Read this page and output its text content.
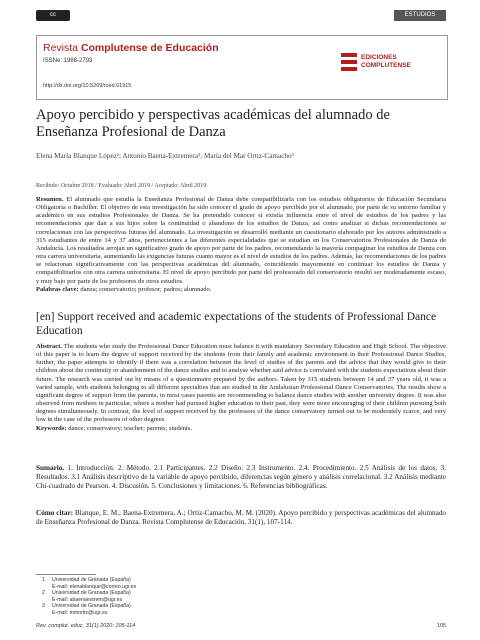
cc	ESTUDIOS
Revista Complutense de Educación
ISSNe: 1988-2793
http://dx.doi.org/10.5209/rced.61915
EDICIONES
COMPLUTENSE
Apoyo percibido y perspectivas académicas del alumnado de Enseñanza Profesional de Danza
Elena María Blanque López¹; Antonio Baena-Extremera²; María del Mar Ortiz-Camacho³
Recibido: Octubre 2018 / Evaluado: Abril 2019 / Aceptado: Abril 2019

Resumen. El alumnado que estudia la Enseñanza Profesional de Danza debe compatibilizarla con los estudios obligatorios de Educación Secundaria Obligatoria o Bachiller. El objetivo de esta investigación ha sido conocer el grado de apoyo percibido por el alumnado, por parte de su entorno familiar y académico en sus estudios Profesionales de Danza. Se ha pretendido conocer si existía influencia entre el nivel de estudios de los padres y las recomendaciones que dan a sus hijos sobre la continuidad o abandono de los estudios de Danza, así como analizar si dichas recomendaciones se correlacionan con las perspectivas futuras del alumnado. La investigación se desarrolló mediante un cuestionario elaborado por los autores administrado a 315 estudiantes de entre 14 y 37 años, pertenecientes a las diferentes especialidades que se estudian en los Conservatorios Profesionales de Danza de Andalucía. Los resultados arrojan un significativo grado de apoyo por parte de los padres, recomendando la mayoría compaginar los estudios de Danza con otra carrera universitaria, aumentando las exigencias futuras cuanto mayor es el nivel de estudios de los padres. Además, las recomendaciones de los padres se relacionan significativamente con las perspectivas académicas del alumnado, coincidiendo mayormente en continuar los estudios de Danza y compatibilizarlos con otra carrera universitaria. El nivel de apoyo percibido por parte del profesorado del conservatorio resultó ser moderadamente escaso, y muy bajo por parte de los profesores de otros estudios.

Palabras clave: danza; conservatorio; profesor; padres; alumnado.

[en] Support received and academic expectations of the students of Professional Dance Education

Abstract. The students who study the Professional Dance Education must balance it with mandatory Secondary Education and High School. The objective of this paper is to learn the degree of support received by the students from their family and academic environment in their Professional Dance Studies, further, the paper attempts to identify if there was a correlation between the level of studies of the parents and the advice that they would give to their children about the continuity or abandonment of the dance studies and to analyse whether said advice is correlated with the students expectations about their future. The research was carried out by means of a questionnaire prepared by the authors. Taken by 315 students between 14 and 37 years old, it was a varied sample, with students belonging to all different specialties that are studied in the Andalusian Professional Dance Conservatories. The results show a significant degree of support from the parents, in most cases parents are recommending to balance dance studies with another university degree. It was also observed from mothers in particular, where a mother had pursued higher education in their past, they were more encouraging of their children pursuing both degrees simultaneously. In contrast, the level of support received by the professors of the dance conservatory turned out to be moderately scarce, and very low in the case of the professors of other degrees.

Keywords: dance; conservatory; teacher; parents; students.

Sumario. 1. Introducción. 2. Método. 2.1 Participantes. 2.2 Diseño. 2.3 Instrumento. 2.4. Procedimiento. 2.5 Análisis de los datos. 3. Resultados. 3.1 Análisis descriptivo de la variable de apoyo percibido, diferencias según género y análisis correlacional. 3.2 Análisis mediante Chi-cuadrado de Pearson. 4. Discusión. 5. Conclusiones y limitaciones. 6. Referencias bibliográficas.
Cómo citar: Blanque, E. M.; Baena-Extremera, A.; Ortiz-Camacho, M. M. (2020). Apoyo percibido y perspectivas académicas del alumnado de Enseñanza Profesional de Danza. Revista Complutense de Educación, 31(1), 107-114.
1	Universidad de Granada (España)
E-mail: elenablanque@correo.ugr.es
2	Universidad de Granada (España)
E-mail: abaenaextrem@ugr.es
3	Universidad de Granada (España)
E-mail: mmortiz@ugr.es
Rev. complut. educ. 31(1) 2020: 105-114	105
